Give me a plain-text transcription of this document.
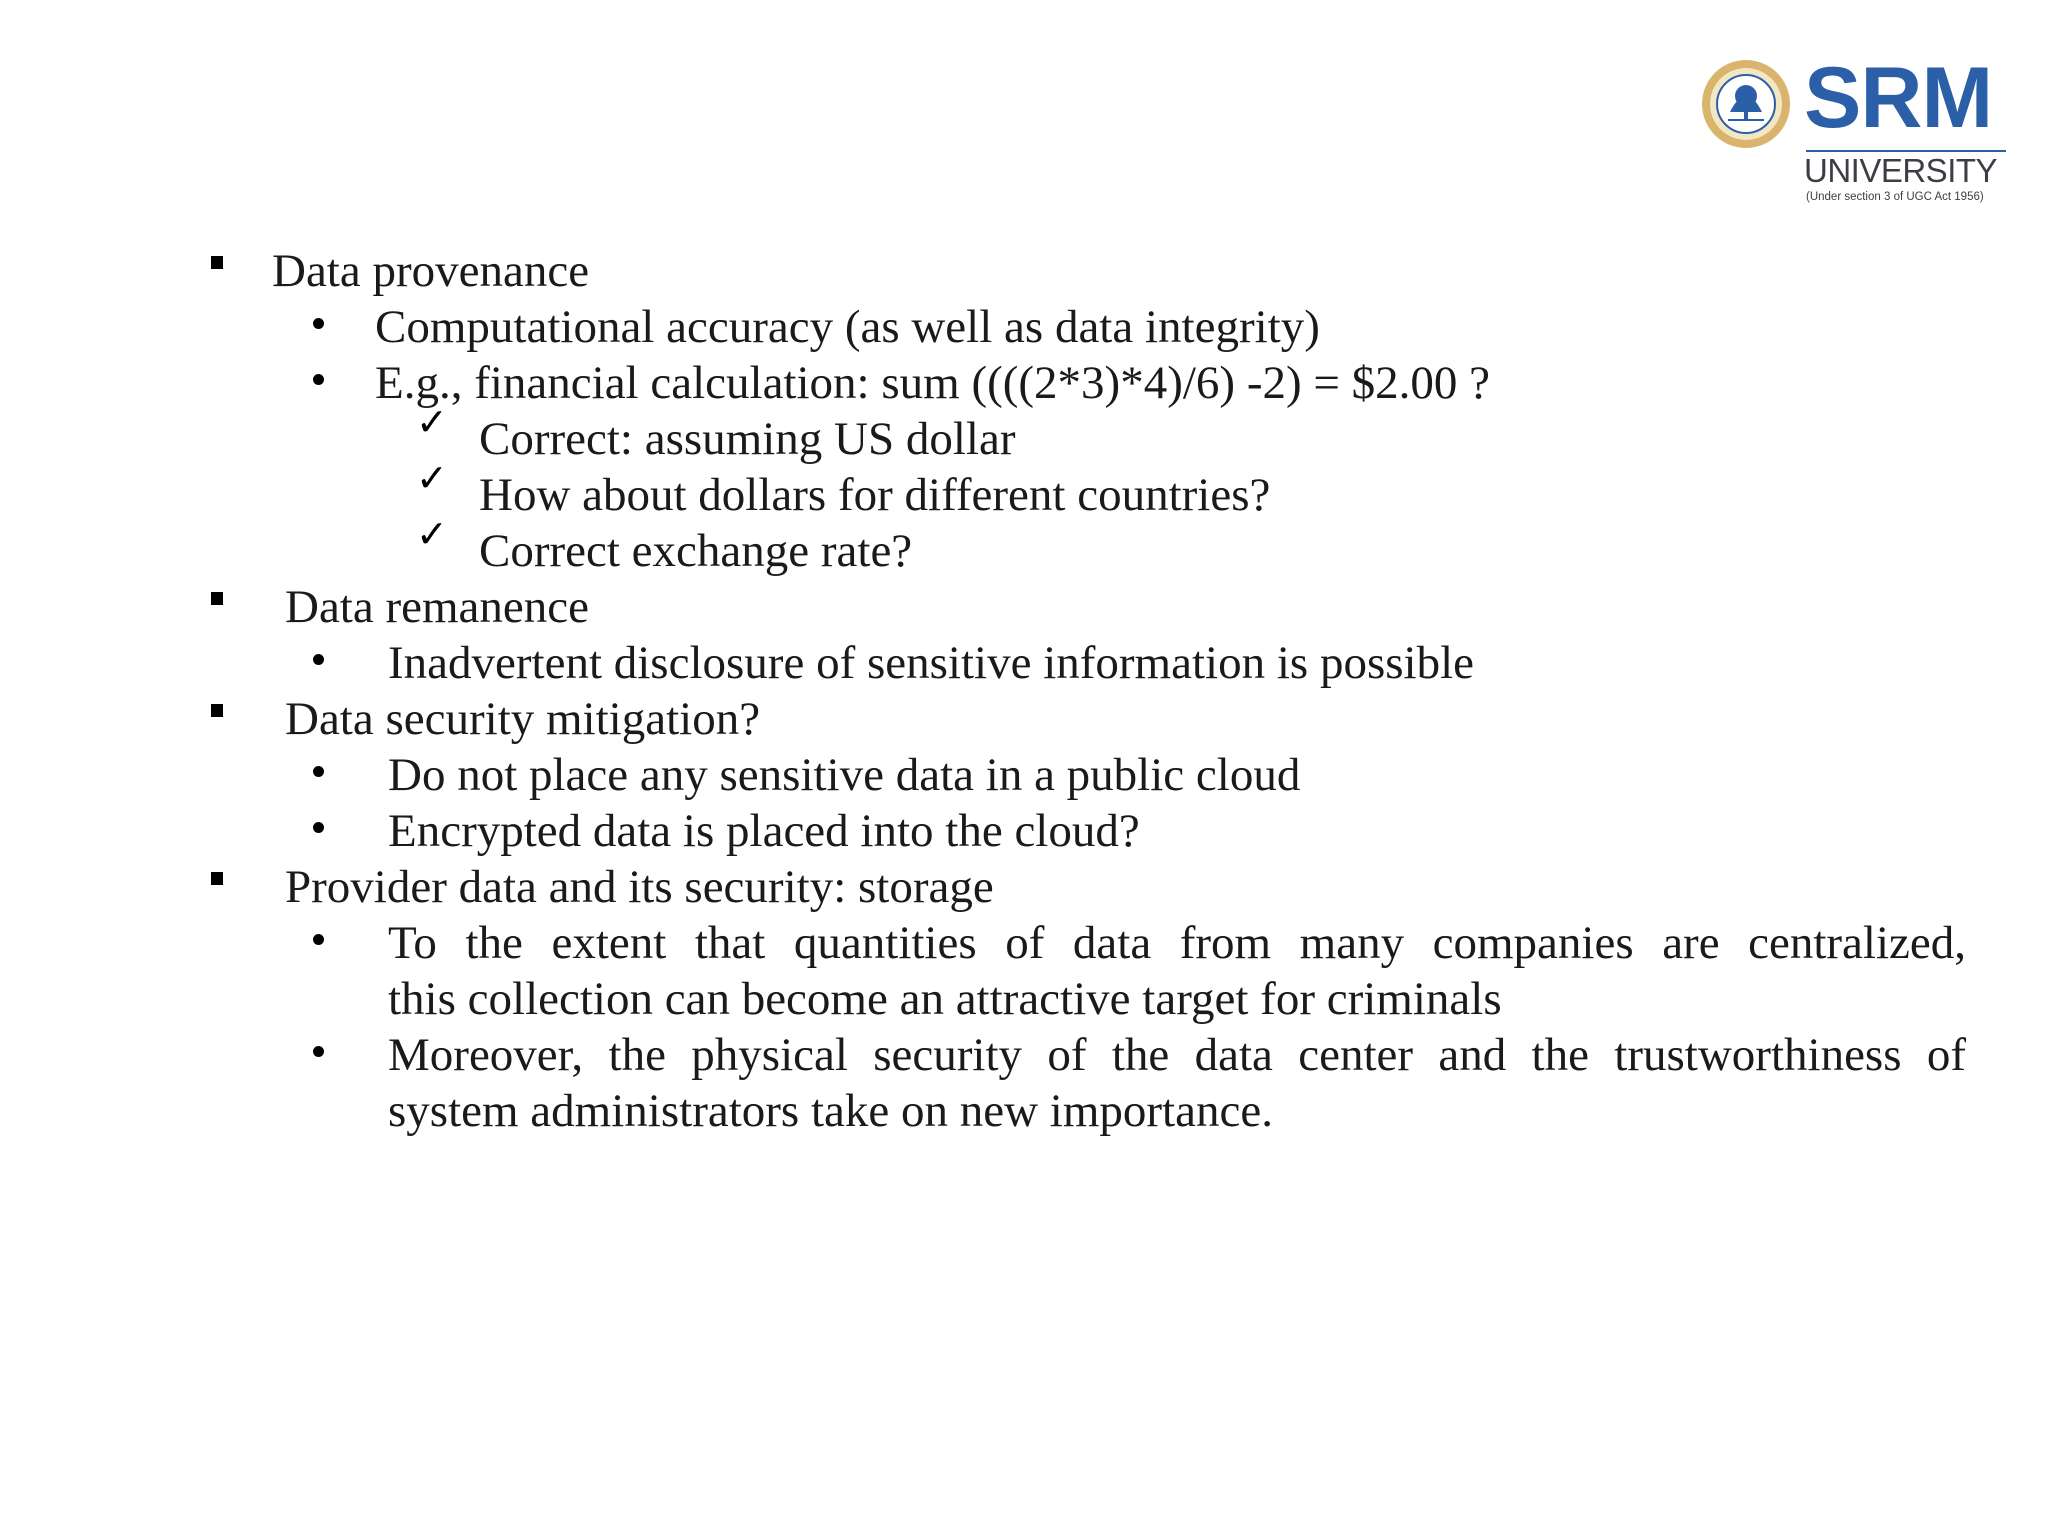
SRM
UNIVERSITY
(Under section 3 of UGC Act 1956)
Data provenance
Computational accuracy (as well as data integrity)
E.g., financial calculation: sum ((((2*3)*4)/6) -2) = $2.00 ?
✓ Correct: assuming US dollar
✓ How about dollars for different countries?
✓ Correct exchange rate?
Data remanence
Inadvertent disclosure of sensitive information is possible
Data security mitigation?
Do not place any sensitive data in a public cloud
Encrypted data is placed into the cloud?
Provider data and its security: storage
To the extent that quantities of data from many companies are centralized,
this collection can become an attractive target for criminals
Moreover, the physical security of the data center and the trustworthiness of
system administrators take on new importance.
